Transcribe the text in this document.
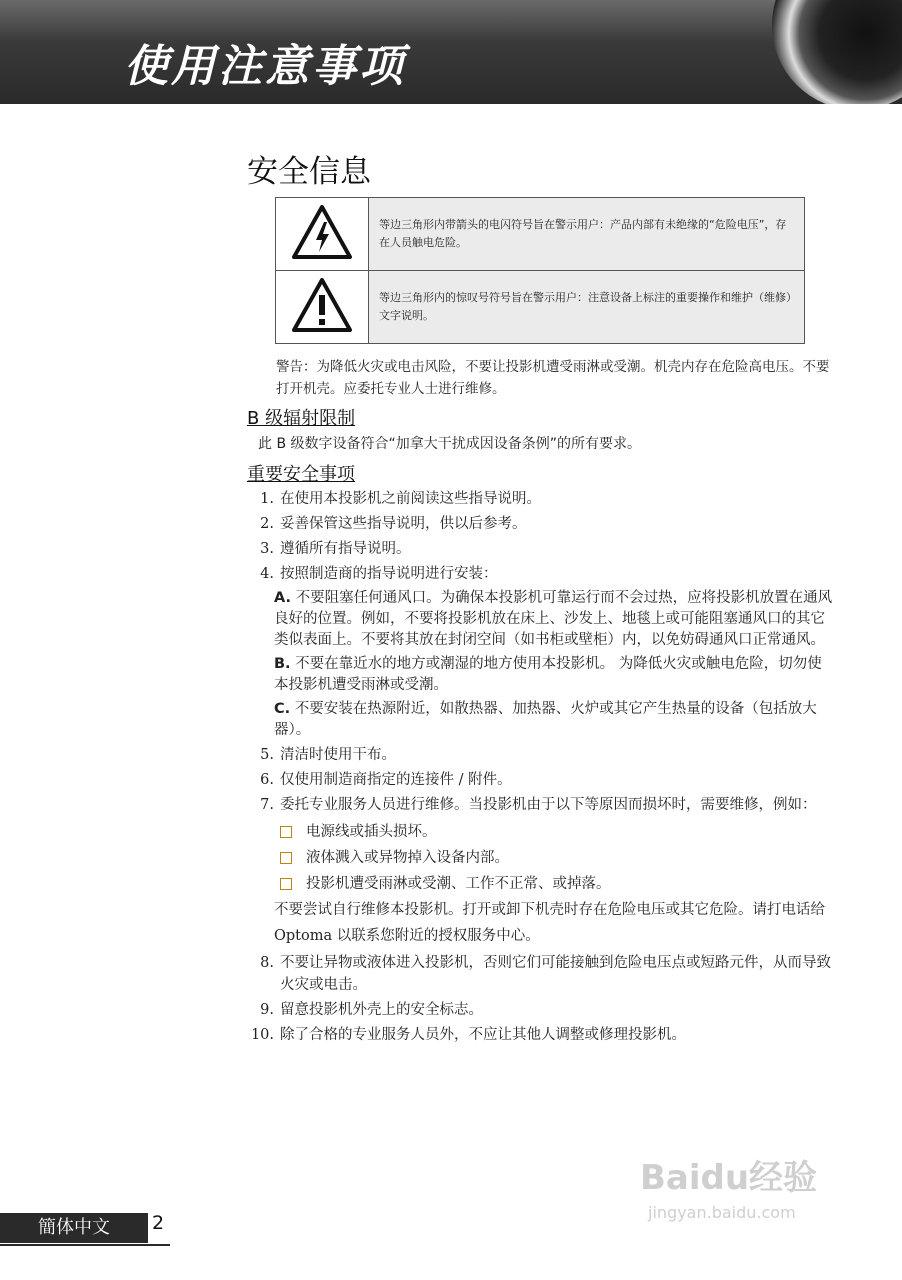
使用注意事项
安全信息
	等边三角形内带箭头的电闪符号旨在警示用户：产品内部有未绝缘的“危险电压”，存在人员触电危险。
	等边三角形内的惊叹号符号旨在警示用户：注意设备上标注的重要操作和维护（维修）文字说明。
警告：为降低火灾或电击风险，不要让投影机遭受雨淋或受潮。机壳内存在危险高电压。不要打开机壳。应委托专业人士进行维修。
B 级辐射限制
此 B 级数字设备符合“加拿大干扰成因设备条例”的所有要求。
重要安全事项
1. 在使用本投影机之前阅读这些指导说明。
2. 妥善保管这些指导说明，供以后参考。
3. 遵循所有指导说明。
4. 按照制造商的指导说明进行安装：
A. 不要阻塞任何通风口。为确保本投影机可靠运行而不会过热，应将投影机放置在通风良好的位置。例如，不要将投影机放在床上、沙发上、地毯上或可能阻塞通风口的其它类似表面上。不要将其放在封闭空间（如书柜或壁柜）内，以免妨碍通风口正常通风。
B. 不要在靠近水的地方或潮湿的地方使用本投影机。 为降低火灾或触电危险，切勿使本投影机遭受雨淋或受潮。
C. 不要安装在热源附近，如散热器、加热器、火炉或其它产生热量的设备（包括放大器）。
5. 清洁时使用干布。
6. 仅使用制造商指定的连接件 / 附件。
7. 委托专业服务人员进行维修。当投影机由于以下等原因而损坏时，需要维修，例如：
电源线或插头损坏。
液体溅入或异物掉入设备内部。
投影机遭受雨淋或受潮、工作不正常、或掉落。
不要尝试自行维修本投影机。打开或卸下机壳时存在危险电压或其它危险。请打电话给 Optoma 以联系您附近的授权服务中心。
8. 不要让异物或液体进入投影机，否则它们可能接触到危险电压点或短路元件，从而导致火灾或电击。
9. 留意投影机外壳上的安全标志。
10. 除了合格的专业服务人员外，不应让其他人调整或修理投影机。
Baidu经验
jingyan.baidu.com
簡体中文	2
